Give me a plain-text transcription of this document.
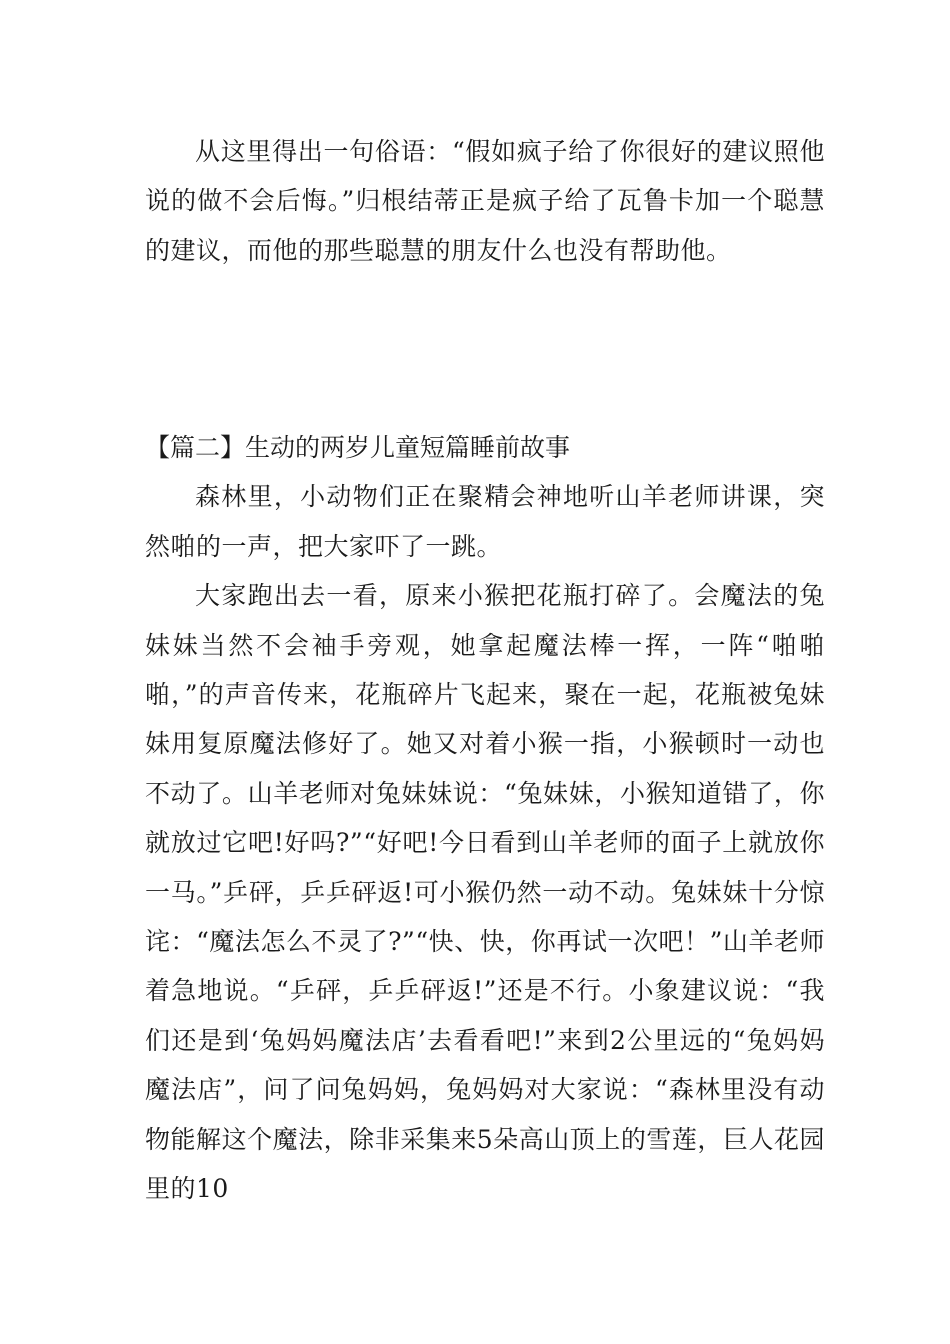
从这里得出一句俗语：“假如疯子给了你很好的建议照他说的做不会后悔。”归根结蒂正是疯子给了瓦鲁卡加一个聪慧的建议，而他的那些聪慧的朋友什么也没有帮助他。

【篇二】生动的两岁儿童短篇睡前故事

森林里，小动物们正在聚精会神地听山羊老师讲课，突然啪的一声，把大家吓了一跳。

大家跑出去一看，原来小猴把花瓶打碎了。会魔法的兔妹妹当然不会袖手旁观，她拿起魔法棒一挥，一阵“啪啪啪，”的声音传来，花瓶碎片飞起来，聚在一起，花瓶被兔妹妹用复原魔法修好了。她又对着小猴一指，小猴顿时一动也不动了。山羊老师对兔妹妹说：“兔妹妹，小猴知道错了，你就放过它吧!好吗?”“好吧!今日看到山羊老师的面子上就放你一马。”乒砰，乒乒砰返!可小猴仍然一动不动。兔妹妹十分惊诧：“魔法怎么不灵了?”“快、快，你再试一次吧！”山羊老师着急地说。“乒砰，乒乒砰返!”还是不行。小象建议说：“我们还是到‘兔妈妈魔法店’去看看吧!”来到2公里远的“兔妈妈魔法店”，问了问兔妈妈，兔妈妈对大家说：“森林里没有动物能解这个魔法，除非采集来5朵高山顶上的雪莲，巨人花园里的10
